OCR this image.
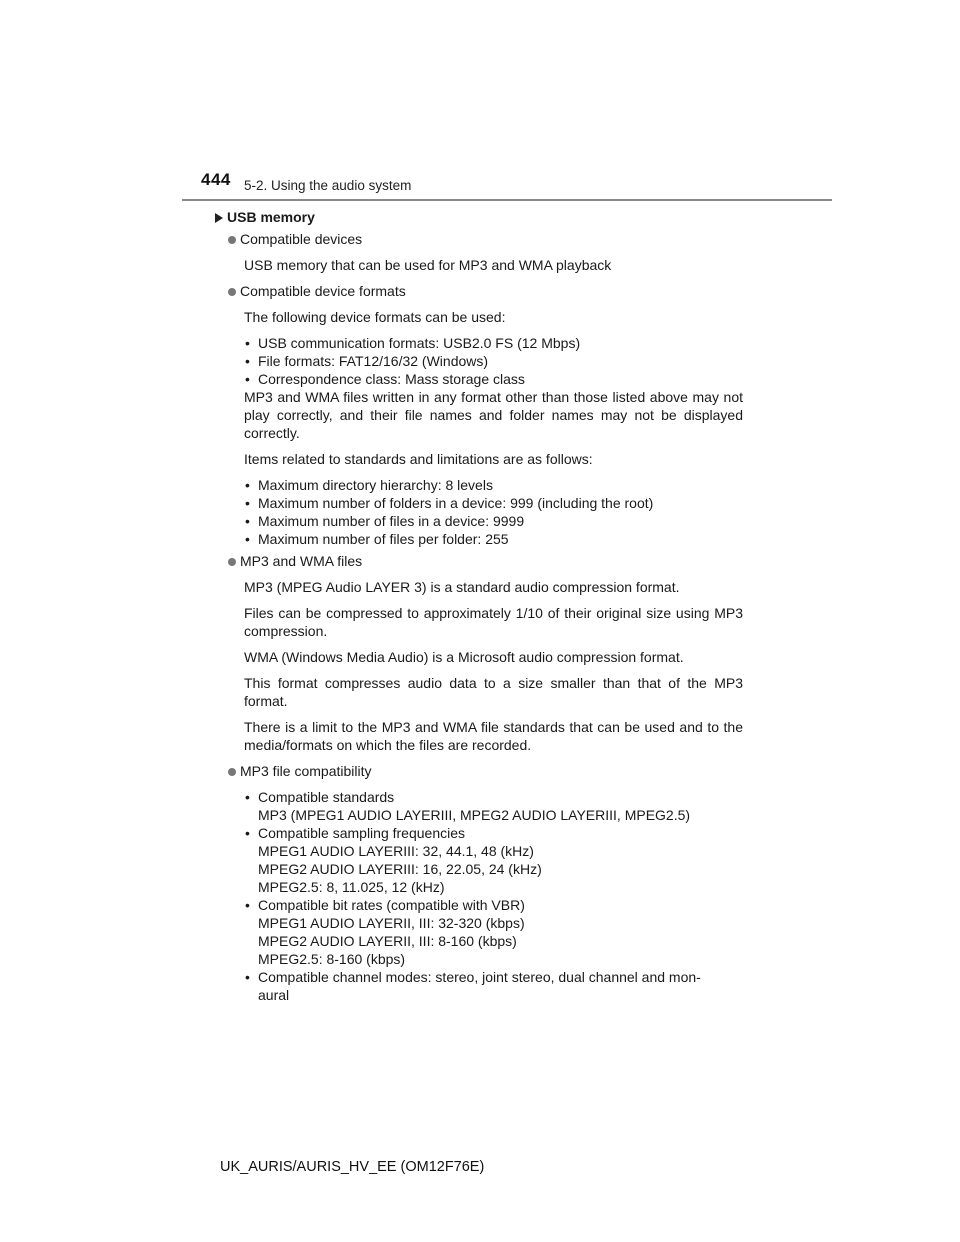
444 5-2. Using the audio system
USB memory
Compatible devices
USB memory that can be used for MP3 and WMA playback
Compatible device formats
The following device formats can be used:
• USB communication formats: USB2.0 FS (12 Mbps)
• File formats: FAT12/16/32 (Windows)
• Correspondence class: Mass storage class
MP3 and WMA files written in any format other than those listed above may not play correctly, and their file names and folder names may not be displayed correctly.
Items related to standards and limitations are as follows:
• Maximum directory hierarchy: 8 levels
• Maximum number of folders in a device: 999 (including the root)
• Maximum number of files in a device: 9999
• Maximum number of files per folder: 255
MP3 and WMA files
MP3 (MPEG Audio LAYER 3) is a standard audio compression format.
Files can be compressed to approximately 1/10 of their original size using MP3 compression.
WMA (Windows Media Audio) is a Microsoft audio compression format.
This format compresses audio data to a size smaller than that of the MP3 format.
There is a limit to the MP3 and WMA file standards that can be used and to the media/formats on which the files are recorded.
MP3 file compatibility
• Compatible standards
MP3 (MPEG1 AUDIO LAYERIII, MPEG2 AUDIO LAYERIII, MPEG2.5)
• Compatible sampling frequencies
MPEG1 AUDIO LAYERIII: 32, 44.1, 48 (kHz)
MPEG2 AUDIO LAYERIII: 16, 22.05, 24 (kHz)
MPEG2.5: 8, 11.025, 12 (kHz)
• Compatible bit rates (compatible with VBR)
MPEG1 AUDIO LAYERII, III: 32-320 (kbps)
MPEG2 AUDIO LAYERII, III: 8-160 (kbps)
MPEG2.5: 8-160 (kbps)
• Compatible channel modes: stereo, joint stereo, dual channel and mon-
aural
UK_AURIS/AURIS_HV_EE (OM12F76E)
